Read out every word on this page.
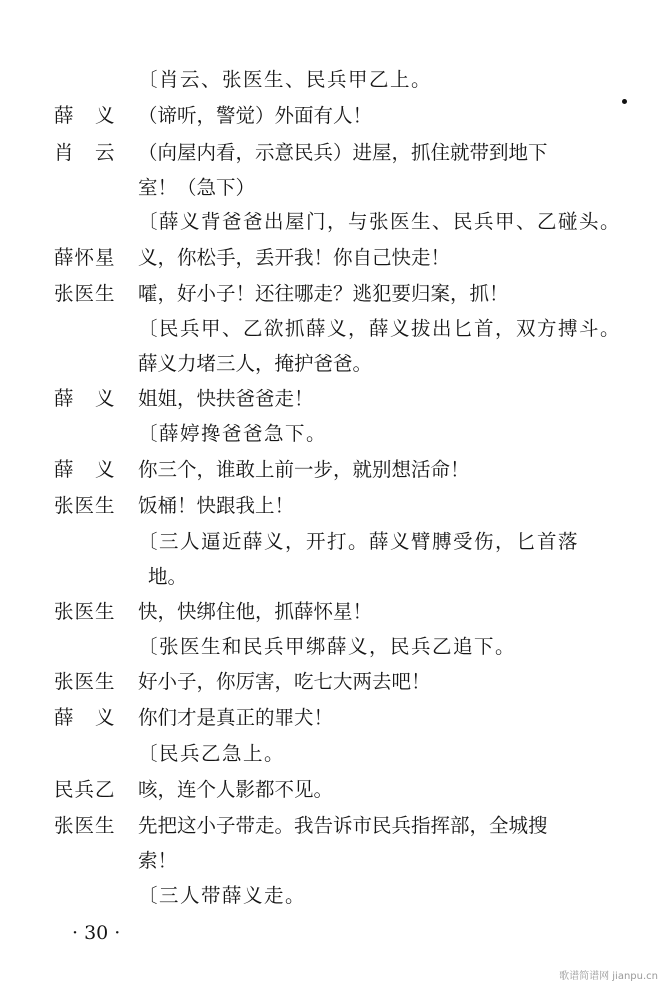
〔肖云、张医生、民兵甲乙上。
薛　义 （谛听，警觉）外面有人！
肖　云 （向屋内看，示意民兵）进屋，抓住就带到地下
室！（急下）
〔薛义背爸爸出屋门，与张医生、民兵甲、乙碰头。
薛怀星 义，你松手，丢开我！你自己快走！
张医生 嚯，好小子！还往哪走？逃犯要归案，抓！
〔民兵甲、乙欲抓薛义，薛义拔出匕首，双方搏斗。
薛义力堵三人，掩护爸爸。
薛　义 姐姐，快扶爸爸走！
〔薛婷搀爸爸急下。
薛　义 你三个，谁敢上前一步，就别想活命！
张医生 饭桶！快跟我上！
〔三人逼近薛义，开打。薛义臂膊受伤，匕首落
地。
张医生 快，快绑住他，抓薛怀星！
〔张医生和民兵甲绑薛义，民兵乙追下。
张医生 好小子，你厉害，吃七大两去吧！
薛　义 你们才是真正的罪犬！
〔民兵乙急上。
民兵乙 咳，连个人影都不见。
张医生 先把这小子带走。我告诉市民兵指挥部，全城搜
索！
〔三人带薛义走。
· 30 ·
歌谱简谱网 jianpu.cn
